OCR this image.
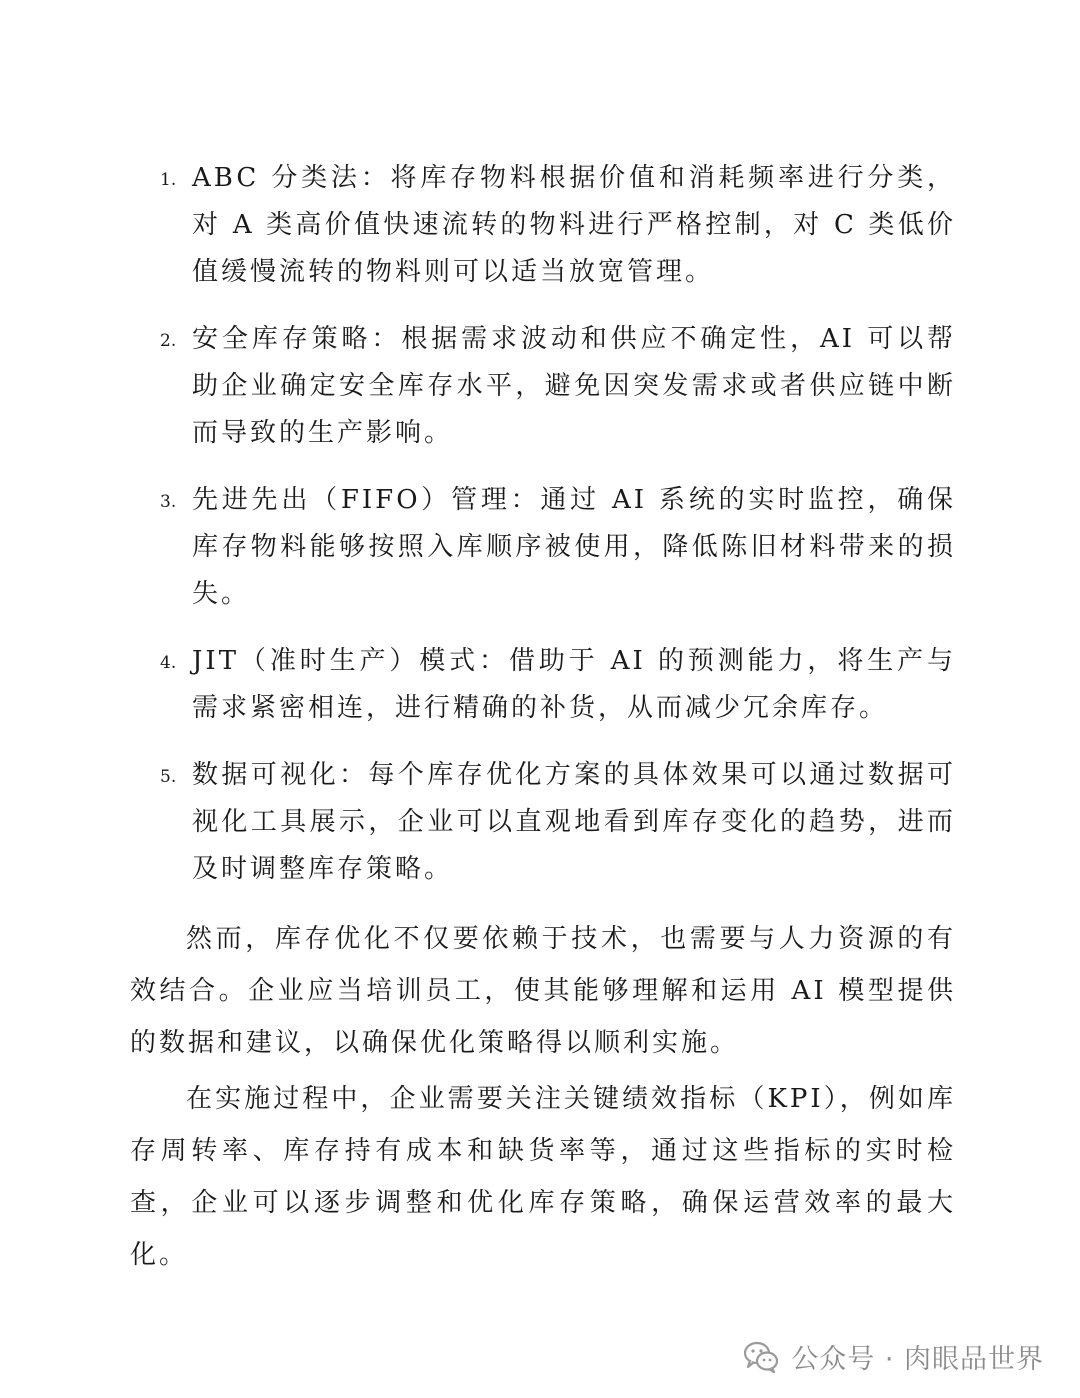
1. ABC 分类法：将库存物料根据价值和消耗频率进行分类，对 A 类高价值快速流转的物料进行严格控制，对 C 类低价值缓慢流转的物料则可以适当放宽管理。
2. 安全库存策略：根据需求波动和供应不确定性，AI 可以帮助企业确定安全库存水平，避免因突发需求或者供应链中断而导致的生产影响。
3. 先进先出（FIFO）管理：通过 AI 系统的实时监控，确保库存物料能够按照入库顺序被使用，降低陈旧材料带来的损失。
4. JIT（准时生产）模式：借助于 AI 的预测能力，将生产与需求紧密相连，进行精确的补货，从而减少冗余库存。
5. 数据可视化：每个库存优化方案的具体效果可以通过数据可视化工具展示，企业可以直观地看到库存变化的趋势，进而及时调整库存策略。

然而，库存优化不仅要依赖于技术，也需要与人力资源的有效结合。企业应当培训员工，使其能够理解和运用 AI 模型提供的数据和建议，以确保优化策略得以顺利实施。

在实施过程中，企业需要关注关键绩效指标（KPI），例如库存周转率、库存持有成本和缺货率等，通过这些指标的实时检查，企业可以逐步调整和优化库存策略，确保运营效率的最大化。

公众号 · 肉眼品世界
